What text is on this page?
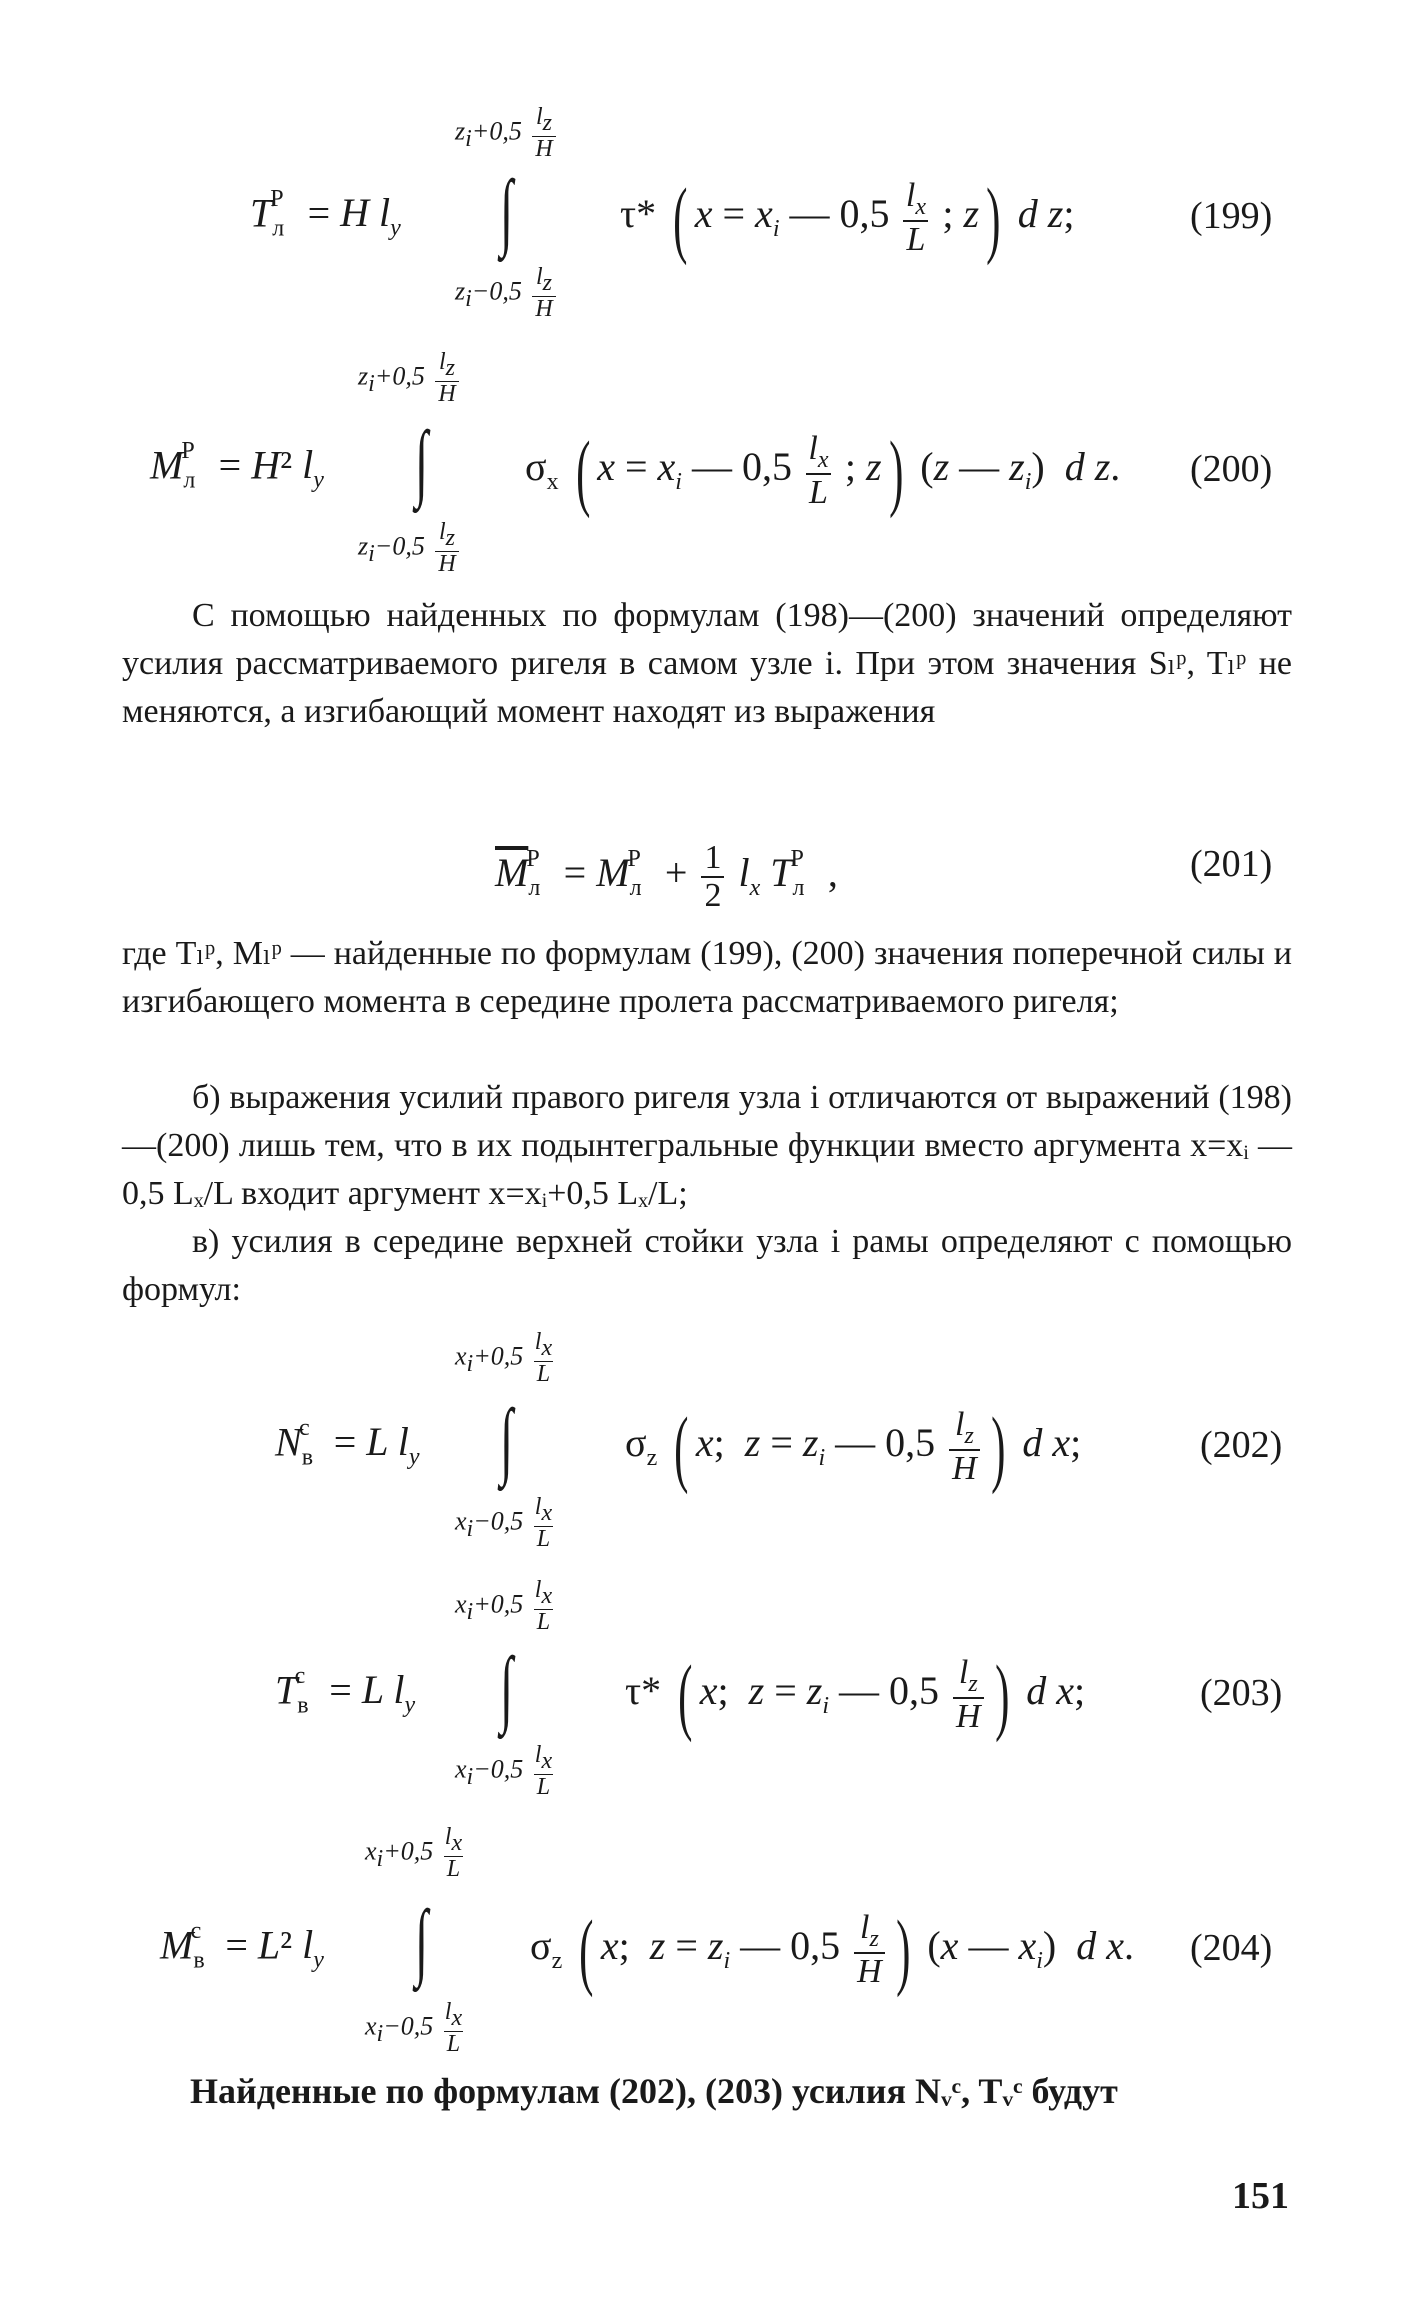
$z_i+0,5 \frac{l_z}{H}$
$T_л^P = H$ $l_y$ ∫	τ* ( $x = x_i$ — $0,5 \frac{l_x}{L}$ ; z) d z;
$z_i-0,5 \frac{l_z}{H}$
(199)
$z_i+0,5 \frac{l_z}{H}$
$M_л^P = H^2$ $l_y$ ∫ $\sigma_x$ ( $x = x_i$ — $0,5 \frac{l_x}{L}$ ; z) (z — $z_i$)  d z.
$z_i-0,5 \frac{l_z}{H}$
(200)
С помощью найденных по формулам (198)—(200) значений определяют усилия рассматриваемого ригеля в самом узле i. При этом значения Sₗᵖ, Tₗᵖ не меняются, а изгибающий момент находят из выражения
$\overline{M}_л^P = M_л^P + \frac{1}{2} l_x$ $T_л^P$ ,	(201)
где Tₗᵖ, Mₗᵖ — найденные по формулам (199), (200) значения поперечной силы и изгибающего момента в середине пролета рассматриваемого ригеля;
б) выражения усилий правого ригеля узла i отличаются от выражений (198)—(200) лишь тем, что в их подынтегральные функции вместо аргумента x=xᵢ — 0,5 Lₓ/L входит аргумент x=xᵢ+0,5 Lₓ/L;
в) усилия в середине верхней стойки узла i рамы определяют с помощью формул:
$x_i+0,5 \frac{l_x}{L}$
$N_в^с = L$ $l_y$ ∫	$\sigma_z$ ( x;  $z = z_i$ — $0,5 \frac{l_z}{H}$ ) d x;
$x_i-0,5 \frac{l_x}{L}$
(202)
$x_i+0,5 \frac{l_x}{L}$
$T_в^с = L$ $l_y$ ∫	τ* ( x;  $z = z_i$ — $0,5 \frac{l_z}{H}$ ) d x;
$x_i-0,5 \frac{l_x}{L}$
(203)
$x_i+0,5 \frac{l_x}{L}$
$M_в^с = L^2$ $l_y$ ∫	$\sigma_z$ ( x;  $z = z_i$ — $0,5 \frac{l_z}{H}$ ) (x — $x_i$)  d x.
$x_i-0,5 \frac{l_x}{L}$
(204)
Найденные по формулам (202), (203) усилия Nᵥᶜ, Tᵥᶜ будут
151
